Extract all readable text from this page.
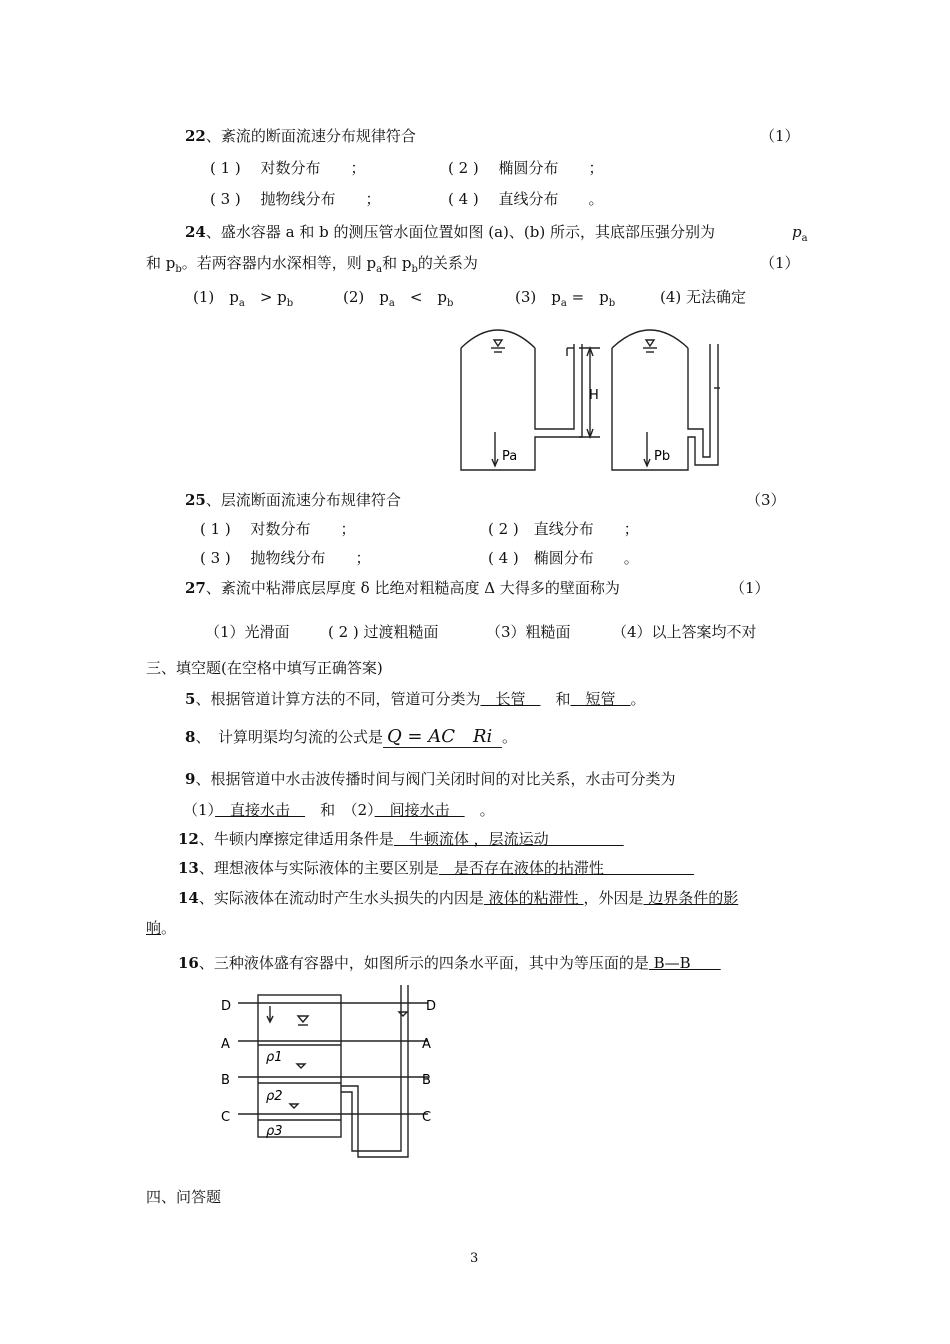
22、紊流的断面流速分布规律符合	（1）
( 1 )　 对数分布　　；	( 2 )　 椭圆分布　　；
( 3 )　 抛物线分布　　；	( 4 )　 直线分布　　。
24、盛水容器 a 和 b 的测压管水面位置如图 (a)、(b) 所示，其底部压强分别为	$p_a$
和 $p_b$。若两容器内水深相等，则 $p_a$和 $p_b$的关系为	（1）
(1)　$p_a$　> $p_b$	(2)　$p_a$　<　$p_b$	(3)　$p_a$ =　$p_b$	(4) 无法确定
H
Pa	Pb
25、层流断面流速分布规律符合	（3）
( 1 )　 对数分布　　；	( 2 )　直线分布　　；
( 3 )　 抛物线分布　　；	( 4 )　椭圆分布　　。
27、紊流中粘滞底层厚度 δ 比绝对粗糙高度 Δ 大得多的壁面称为	（1）
（1）光滑面	( 2 ) 过渡粗糙面	（3）粗糙面	（4）以上答案均不对
三、填空题(在空格中填写正确答案)
5、根据管道计算方法的不同，管道可分类为　长管　　和　短管　。
8、　计算明渠均匀流的公式是 Q = AC　Ri 。
9、根据管道中水击波传播时间与阀门关闭时间的对比关系，水击可分类为
（1）　直接水击　　和　（2）　间接水击　　。
12、牛顿内摩擦定律适用条件是　牛顿流体 ，层流运动　　　　　
13、理想液体与实际液体的主要区别是　是否存在液体的拈滞性　　　　　　
14、实际液体在流动时产生水头损失的内因是 液体的粘滞性 ，外因是 边界条件的影
响。
16、三种液体盛有容器中，如图所示的四条水平面，其中为等压面的是 B—B　　
ρ1
ρ2
ρ3
D
A
B
C
D
A
B
C
四、问答题
3
